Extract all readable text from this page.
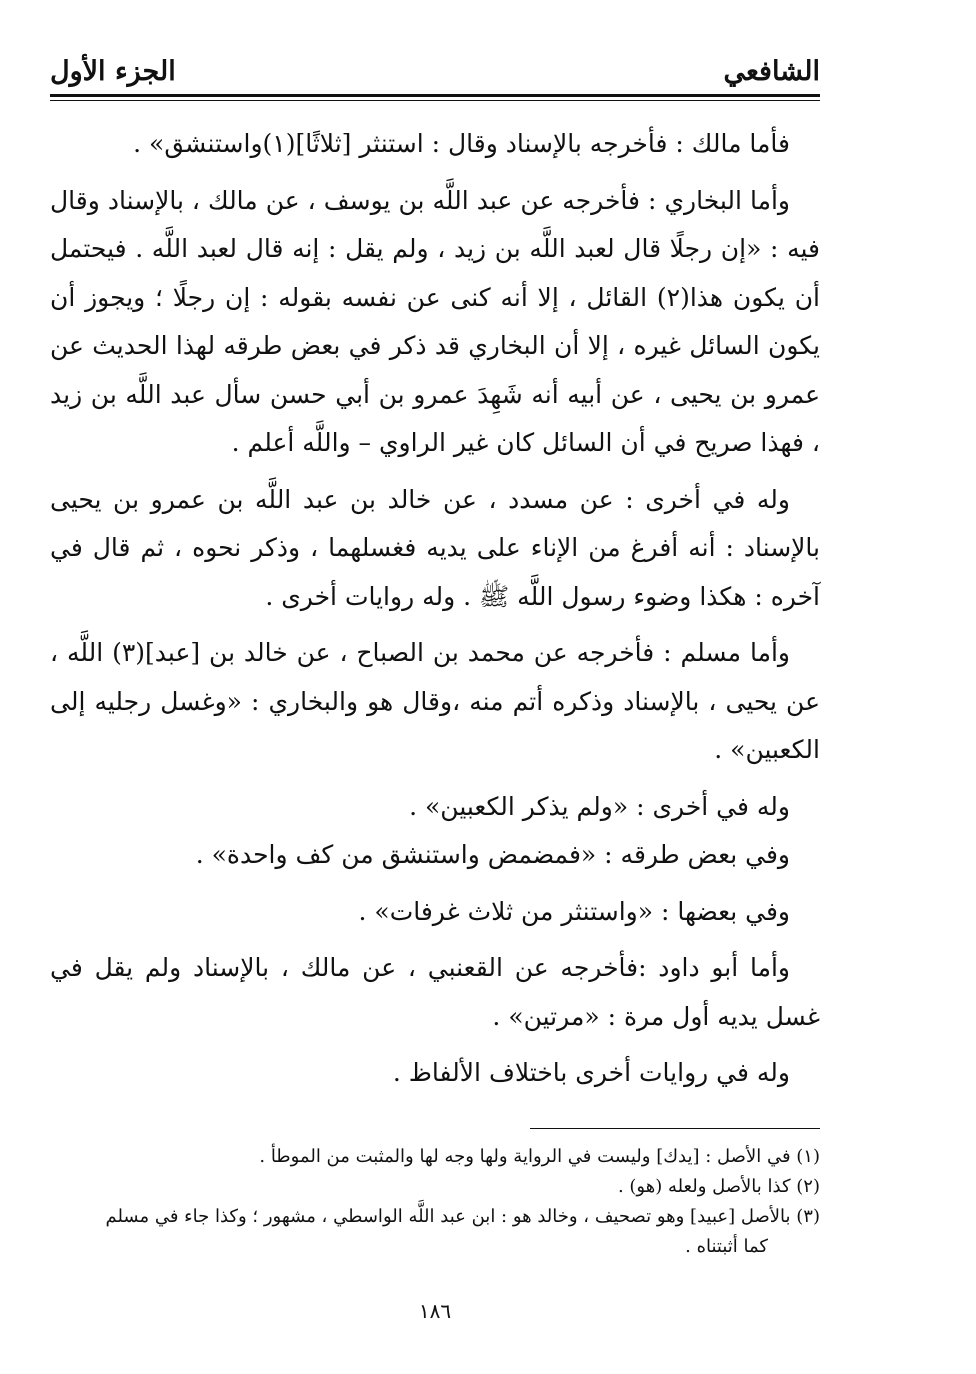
الشافعي
الجزء الأول

فأما مالك : فأخرجه بالإسناد وقال : استنثر [ثلاثًا](١)واستنشق» .

وأما البخاري : فأخرجه عن عبد اللَّه بن يوسف ، عن مالك ، بالإسناد وقال فيه : «إن رجلًا قال لعبد اللَّه بن زيد ، ولم يقل : إنه قال لعبد اللَّه . فيحتمل أن يكون هذا(٢) القائل ، إلا أنه كنى عن نفسه بقوله : إن رجلًا ؛ ويجوز أن يكون السائل غيره ، إلا أن البخاري قد ذكر في بعض طرقه لهذا الحديث عن عمرو بن يحيى ، عن أبيه أنه شَهِدَ عمرو بن أبي حسن سأل عبد اللَّه بن زيد ، فهذا صريح في أن السائل كان غير الراوي – واللَّه أعلم .

وله في أخرى : عن مسدد ، عن خالد بن عبد اللَّه بن عمرو بن يحيى بالإسناد : أنه أفرغ من الإناء على يديه فغسلهما ، وذكر نحوه ، ثم قال في آخره : هكذا وضوء رسول اللَّه ﷺ . وله روايات أخرى .

وأما مسلم : فأخرجه عن محمد بن الصباح ، عن خالد بن [عبد](٣) اللَّه ، عن يحيى ، بالإسناد وذكره أتم منه ،وقال هو والبخاري : «وغسل رجليه إلى الكعبين» .

وله في أخرى : «ولم يذكر الكعبين» .

وفي بعض طرقه : «فمضمض واستنشق من كف واحدة» .

وفي بعضها : «واستنثر من ثلاث غرفات» .

وأما أبو داود :فأخرجه عن القعنبي ، عن مالك ، بالإسناد ولم يقل في غسل يديه أول مرة : «مرتين» .

وله في روايات أخرى باختلاف الألفاظ .

(١) في الأصل : [يدك] وليست في الرواية ولها وجه لها والمثبت من الموطأ .
(٢) كذا بالأصل ولعله (هو) .
(٣) بالأصل [عبيد] وهو تصحيف ، وخالد هو : ابن عبد اللَّه الواسطي ، مشهور ؛ وكذا جاء في مسلم
كما أثبتناه .
١٨٦
